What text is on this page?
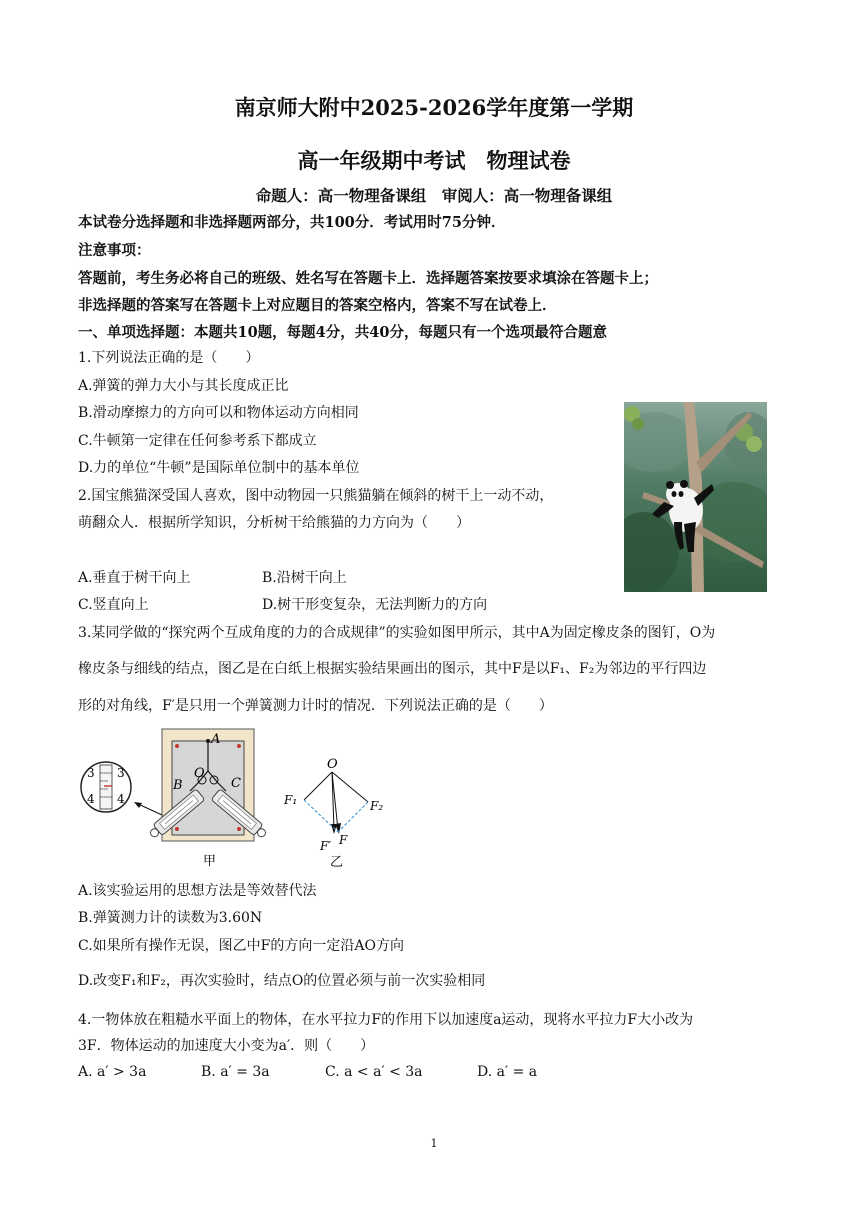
南京师大附中2025-2026学年度第一学期
高一年级期中考试　物理试卷
命题人：高一物理备课组　审阅人：高一物理备课组
本试卷分选择题和非选择题两部分，共100分．考试用时75分钟．
注意事项：
答题前，考生务必将自己的班级、姓名写在答题卡上．选择题答案按要求填涂在答题卡上；
非选择题的答案写在答题卡上对应题目的答案空格内，答案不写在试卷上．
一、单项选择题：本题共10题，每题4分，共40分，每题只有一个选项最符合题意
1.下列说法正确的是（　　）
A.弹簧的弹力大小与其长度成正比
B.滑动摩擦力的方向可以和物体运动方向相同
C.牛顿第一定律在任何参考系下都成立
D.力的单位“牛顿”是国际单位制中的基本单位
2.国宝熊猫深受国人喜欢，图中动物园一只熊猫躺在倾斜的树干上一动不动，
萌翻众人．根据所学知识，分析树干给熊猫的力方向为（　　）
A.垂直于树干向上	B.沿树干向上
C.竖直向上	D.树干形变复杂，无法判断力的方向
3.某同学做的“探究两个互成角度的力的合成规律”的实验如图甲所示，其中A为固定橡皮条的图钉，O为
橡皮条与细线的结点，图乙是在白纸上根据实验结果画出的图示，其中F是以F₁、F₂为邻边的平行四边
形的对角线，F′是只用一个弹簧测力计时的情况．下列说法正确的是（　　）
3 3
4 4
A
O
B	C
甲
O
F₁	F₂
F
F′
乙
A.该实验运用的思想方法是等效替代法
B.弹簧测力计的读数为3.60N
C.如果所有操作无误，图乙中F的方向一定沿AO方向
D.改变F₁和F₂，再次实验时，结点O的位置必须与前一次实验相同
4.一物体放在粗糙水平面上的物体，在水平拉力F的作用下以加速度a运动，现将水平拉力F大小改为
3F．物体运动的加速度大小变为a′．则（　　）
A. a′ > 3a	B. a′ = 3a	C. a < a′ < 3a	D. a′ = a
1
